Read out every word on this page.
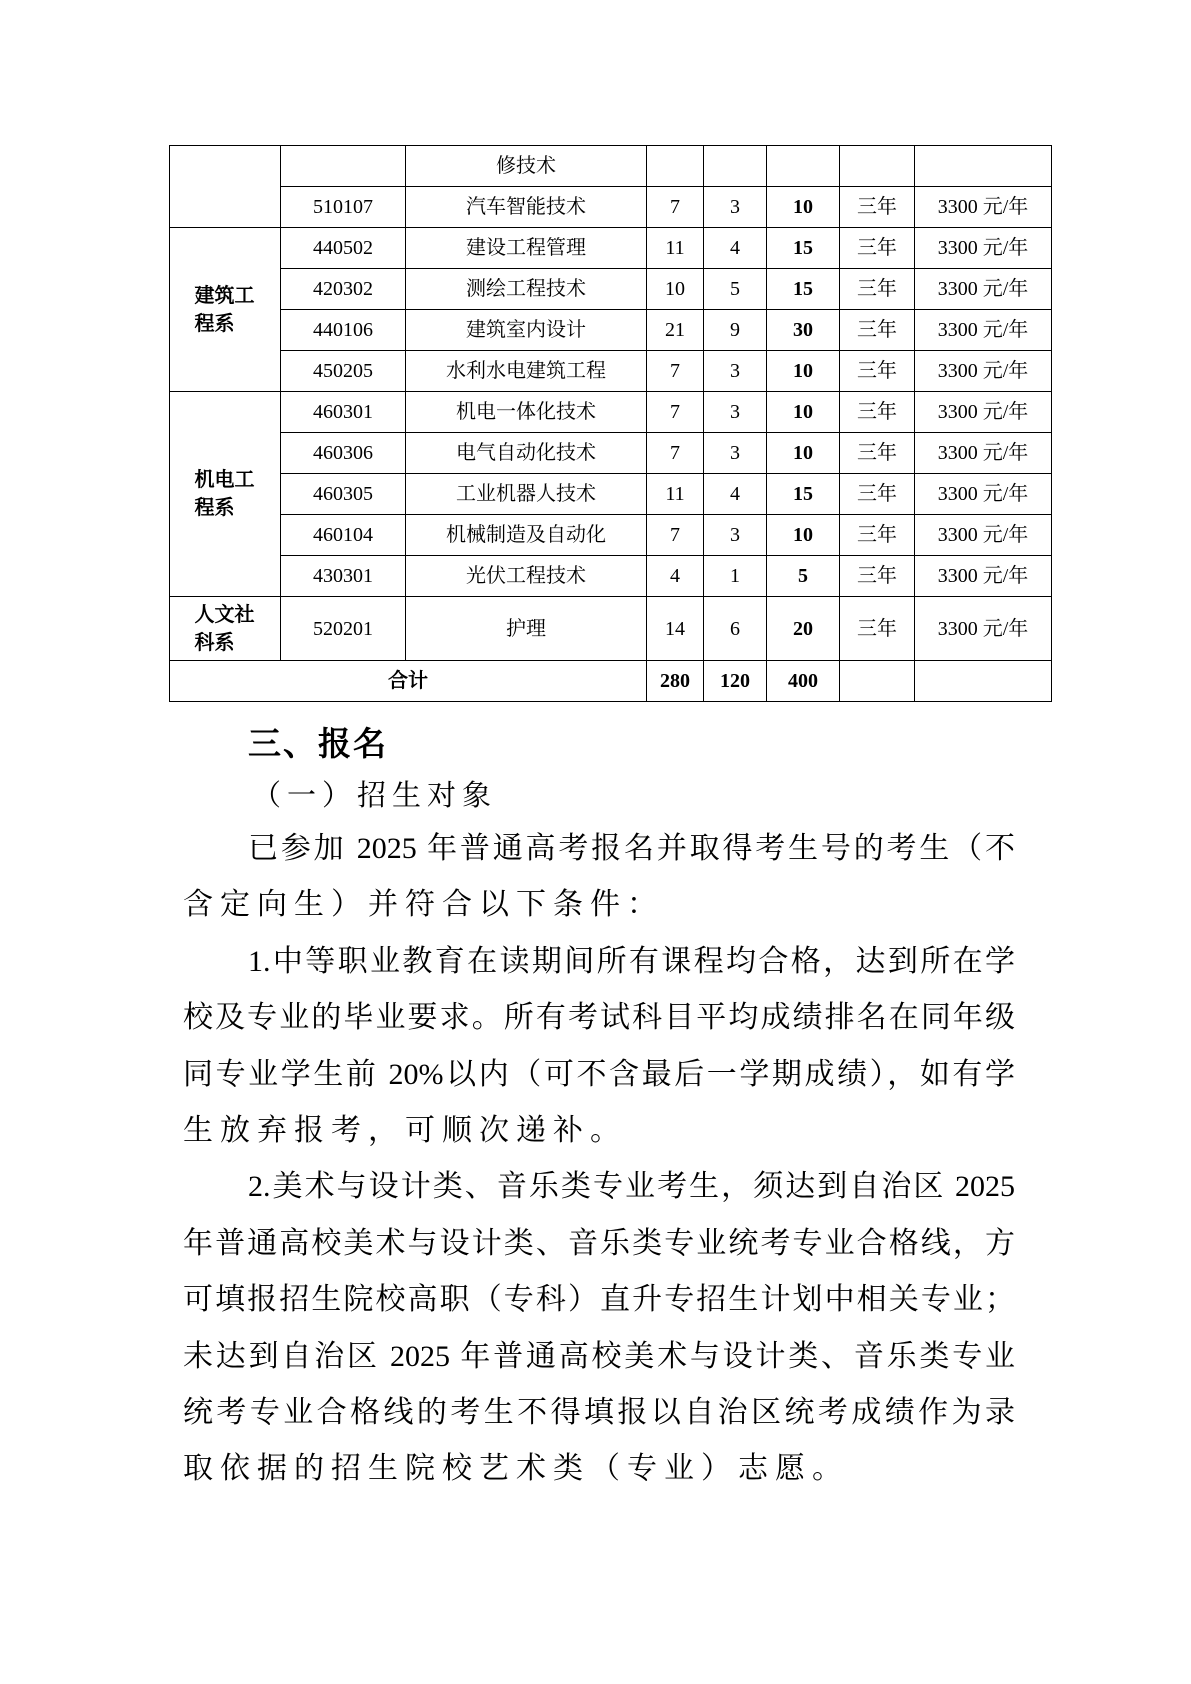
		修技术					
	510107	汽车智能技术	7	3	10	三年	3300 元/年

建筑工程系	440502	建设工程管理	11	4	15	三年	3300 元/年
	420302	测绘工程技术	10	5	15	三年	3300 元/年
	440106	建筑室内设计	21	9	30	三年	3300 元/年
	450205	水利水电建筑工程	7	3	10	三年	3300 元/年

机电工程系	460301	机电一体化技术	7	3	10	三年	3300 元/年
	460306	电气自动化技术	7	3	10	三年	3300 元/年
	460305	工业机器人技术	11	4	15	三年	3300 元/年
	460104	机械制造及自动化	7	3	10	三年	3300 元/年
	430301	光伏工程技术	4	1	5	三年	3300 元/年

人文社科系	520201	护理	14	6	20	三年	3300 元/年
合计			280	120	400		
三、报名
（一）招生对象
已参加 2025 年普通高考报名并取得考生号的考生（不
含定向生）并符合以下条件：
1.中等职业教育在读期间所有课程均合格，达到所在学
校及专业的毕业要求。所有考试科目平均成绩排名在同年级
同专业学生前 20%以内（可不含最后一学期成绩），如有学
生放弃报考，可顺次递补。
2.美术与设计类、音乐类专业考生，须达到自治区 2025
年普通高校美术与设计类、音乐类专业统考专业合格线，方
可填报招生院校高职（专科）直升专招生计划中相关专业；
未达到自治区 2025 年普通高校美术与设计类、音乐类专业
统考专业合格线的考生不得填报以自治区统考成绩作为录
取依据的招生院校艺术类（专业）志愿。
